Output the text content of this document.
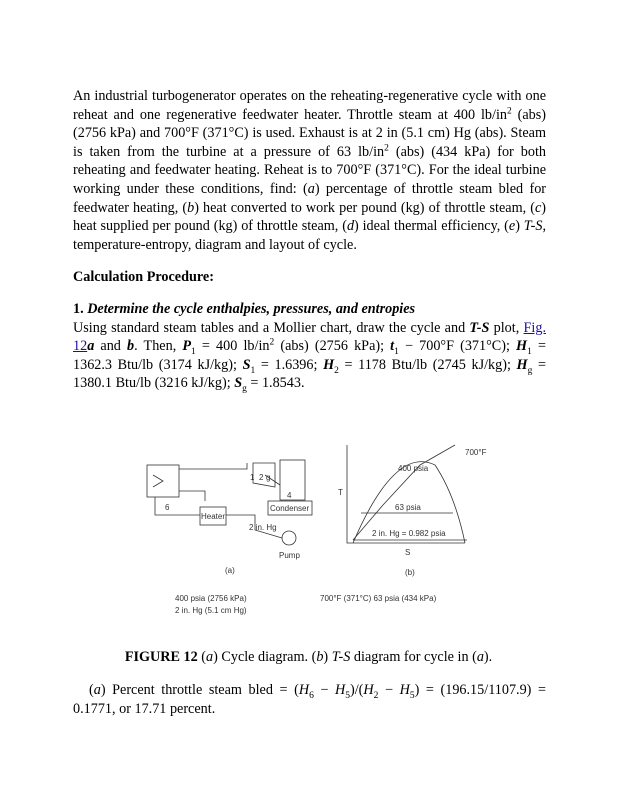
An industrial turbogenerator operates on the reheating-regenerative cycle with one reheat and one regenerative feedwater heater. Throttle steam at 400 $lb/in^2$ (abs) (2756 kPa) and 700°F (371°C) is used. Exhaust is at 2 in (5.1 cm) Hg (abs). Steam is taken from the turbine at a pressure of 63 $lb/in^2$ (abs) (434 kPa) for both reheating and feedwater heating. Reheat is to 700°F (371°C). For the ideal turbine working under these conditions, find: (a) percentage of throttle steam bled for feedwater heating, (b) heat converted to work per pound (kg) of throttle steam, (c) heat supplied per pound (kg) of throttle steam, (d) ideal thermal efficiency, (e) T-S, temperature-entropy, diagram and layout of cycle.

Calculation Procedure:

1. Determine the cycle enthalpies, pressures, and entropies
Using standard steam tables and a Mollier chart, draw the cycle and T-S plot, Fig. 12a and b. Then, $P_1 = 400$ $lb/in^2$ (abs) (2756 kPa); $t_1 - 700^\circ F$ (371°C); $H_1 = 1362.3$ Btu/lb (3174 kJ/kg); $S_1 = 1.6396$; $H_2 = 1178$ Btu/lb (2745 kJ/kg); $H_g = 1380.1$ Btu/lb (3216 kJ/kg); $S_g = 1.8543$.

Heater
Condenser
Pump
2 in. Hg
1 2 g
4
6
(a)
400 psia
63 psia
2 in. Hg = 0.982 psia
700°F
T
S
(b)
400 psia (2756 kPa)
2 in. Hg (5.1 cm Hg)
700°F (371°C) 63 psia (434 kPa)
FIGURE 12 (a) Cycle diagram. (b) T-S diagram for cycle in (a).

(a) Percent throttle steam bled = $(H_6 - H_5)/(H_2 - H_5) = (196.15/1107.9) = 0.1771$, or 17.71 percent.
